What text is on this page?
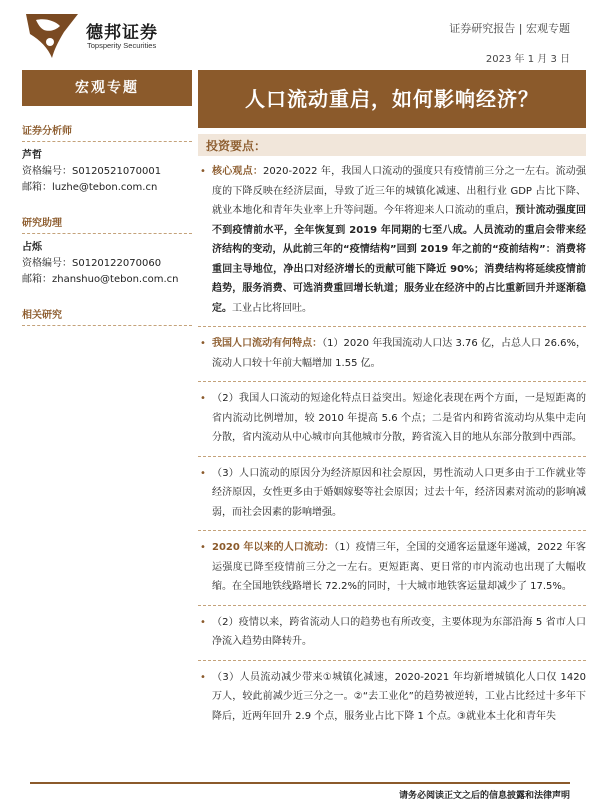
德邦证券
Topsperity Securities
证券研究报告 | 宏观专题
2023 年 1 月 3 日
宏观专题	人口流动重启，如何影响经济？
证券分析师
芦哲
资格编号：S0120521070001
邮箱：luzhe@tebon.com.cn
研究助理
占烁
资格编号：S0120122070060
邮箱：zhanshuo@tebon.com.cn
相关研究
投资要点：
• 核心观点：2020-2022 年，我国人口流动的强度只有疫情前三分之一左右。流动强度的下降反映在经济层面，导致了近三年的城镇化减速、出租行业 GDP 占比下降、就业本地化和青年失业率上升等问题。今年将迎来人口流动的重启，预计流动强度回不到疫情前水平，全年恢复到 2019 年同期的七至八成。人员流动的重启会带来经济结构的变动，从此前三年的“疫情结构”回到 2019 年之前的“疫前结构”：消费将重回主导地位，净出口对经济增长的贡献可能下降近 90%；消费结构将延续疫情前趋势，服务消费、可选消费重回增长轨道；服务业在经济中的占比重新回升并逐渐稳定。工业占比将回吐。
• 我国人口流动有何特点：（1）2020 年我国流动人口达 3.76 亿，占总人口 26.6%，流动人口较十年前大幅增加 1.55 亿。
• （2）我国人口流动的短途化特点日益突出。短途化表现在两个方面，一是短距离的省内流动比例增加，较 2010 年提高 5.6 个点；二是省内和跨省流动均从集中走向分散，省内流动从中心城市向其他城市分散，跨省流入目的地从东部分散到中西部。
• （3）人口流动的原因分为经济原因和社会原因，男性流动人口更多由于工作就业等经济原因，女性更多由于婚姻嫁娶等社会原因；过去十年，经济因素对流动的影响减弱，而社会因素的影响增强。
• 2020 年以来的人口流动：（1）疫情三年，全国的交通客运量逐年递减，2022 年客运强度已降至疫情前三分之一左右。更短距离、更日常的市内流动也出现了大幅收缩。在全国地铁线路增长 72.2%的同时，十大城市地铁客运量却减少了 17.5%。
• （2）疫情以来，跨省流动人口的趋势也有所改变，主要体现为东部沿海 5 省市人口净流入趋势由降转升。
• （3）人员流动减少带来①城镇化减速，2020-2021 年均新增城镇化人口仅 1420 万人，较此前减少近三分之一。②“去工业化”的趋势被逆转，工业占比经过十多年下降后，近两年回升 2.9 个点，服务业占比下降 1 个点。③就业本土化和青年失
请务必阅读正文之后的信息披露和法律声明
